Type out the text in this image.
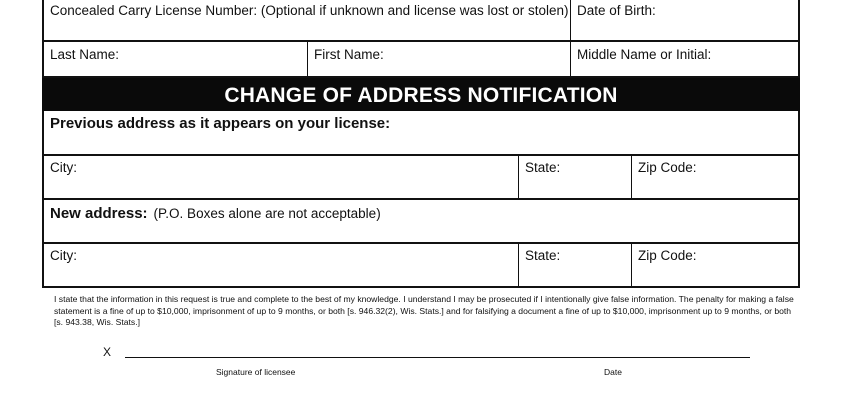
Concealed Carry License Number: (Optional if unknown and license was lost or stolen) Date of Birth:
Last Name:	First Name:	Middle Name or Initial:
CHANGE OF ADDRESS NOTIFICATION
Previous address as it appears on your license:
City:	State:	Zip Code:
New address: (P.O. Boxes alone are not acceptable)
City:	State:	Zip Code:
I state that the information in this request is true and complete to the best of my knowledge. I understand I may be prosecuted if I intentionally give false information. The penalty for making a false statement is a fine of up to $10,000, imprisonment of up to 9 months, or both [s. 946.32(2), Wis. Stats.] and for falsifying a document a fine of up to $10,000, imprisonment up to 9 months, or both [s. 943.38, Wis. Stats.]
X
Signature of licensee	Date
